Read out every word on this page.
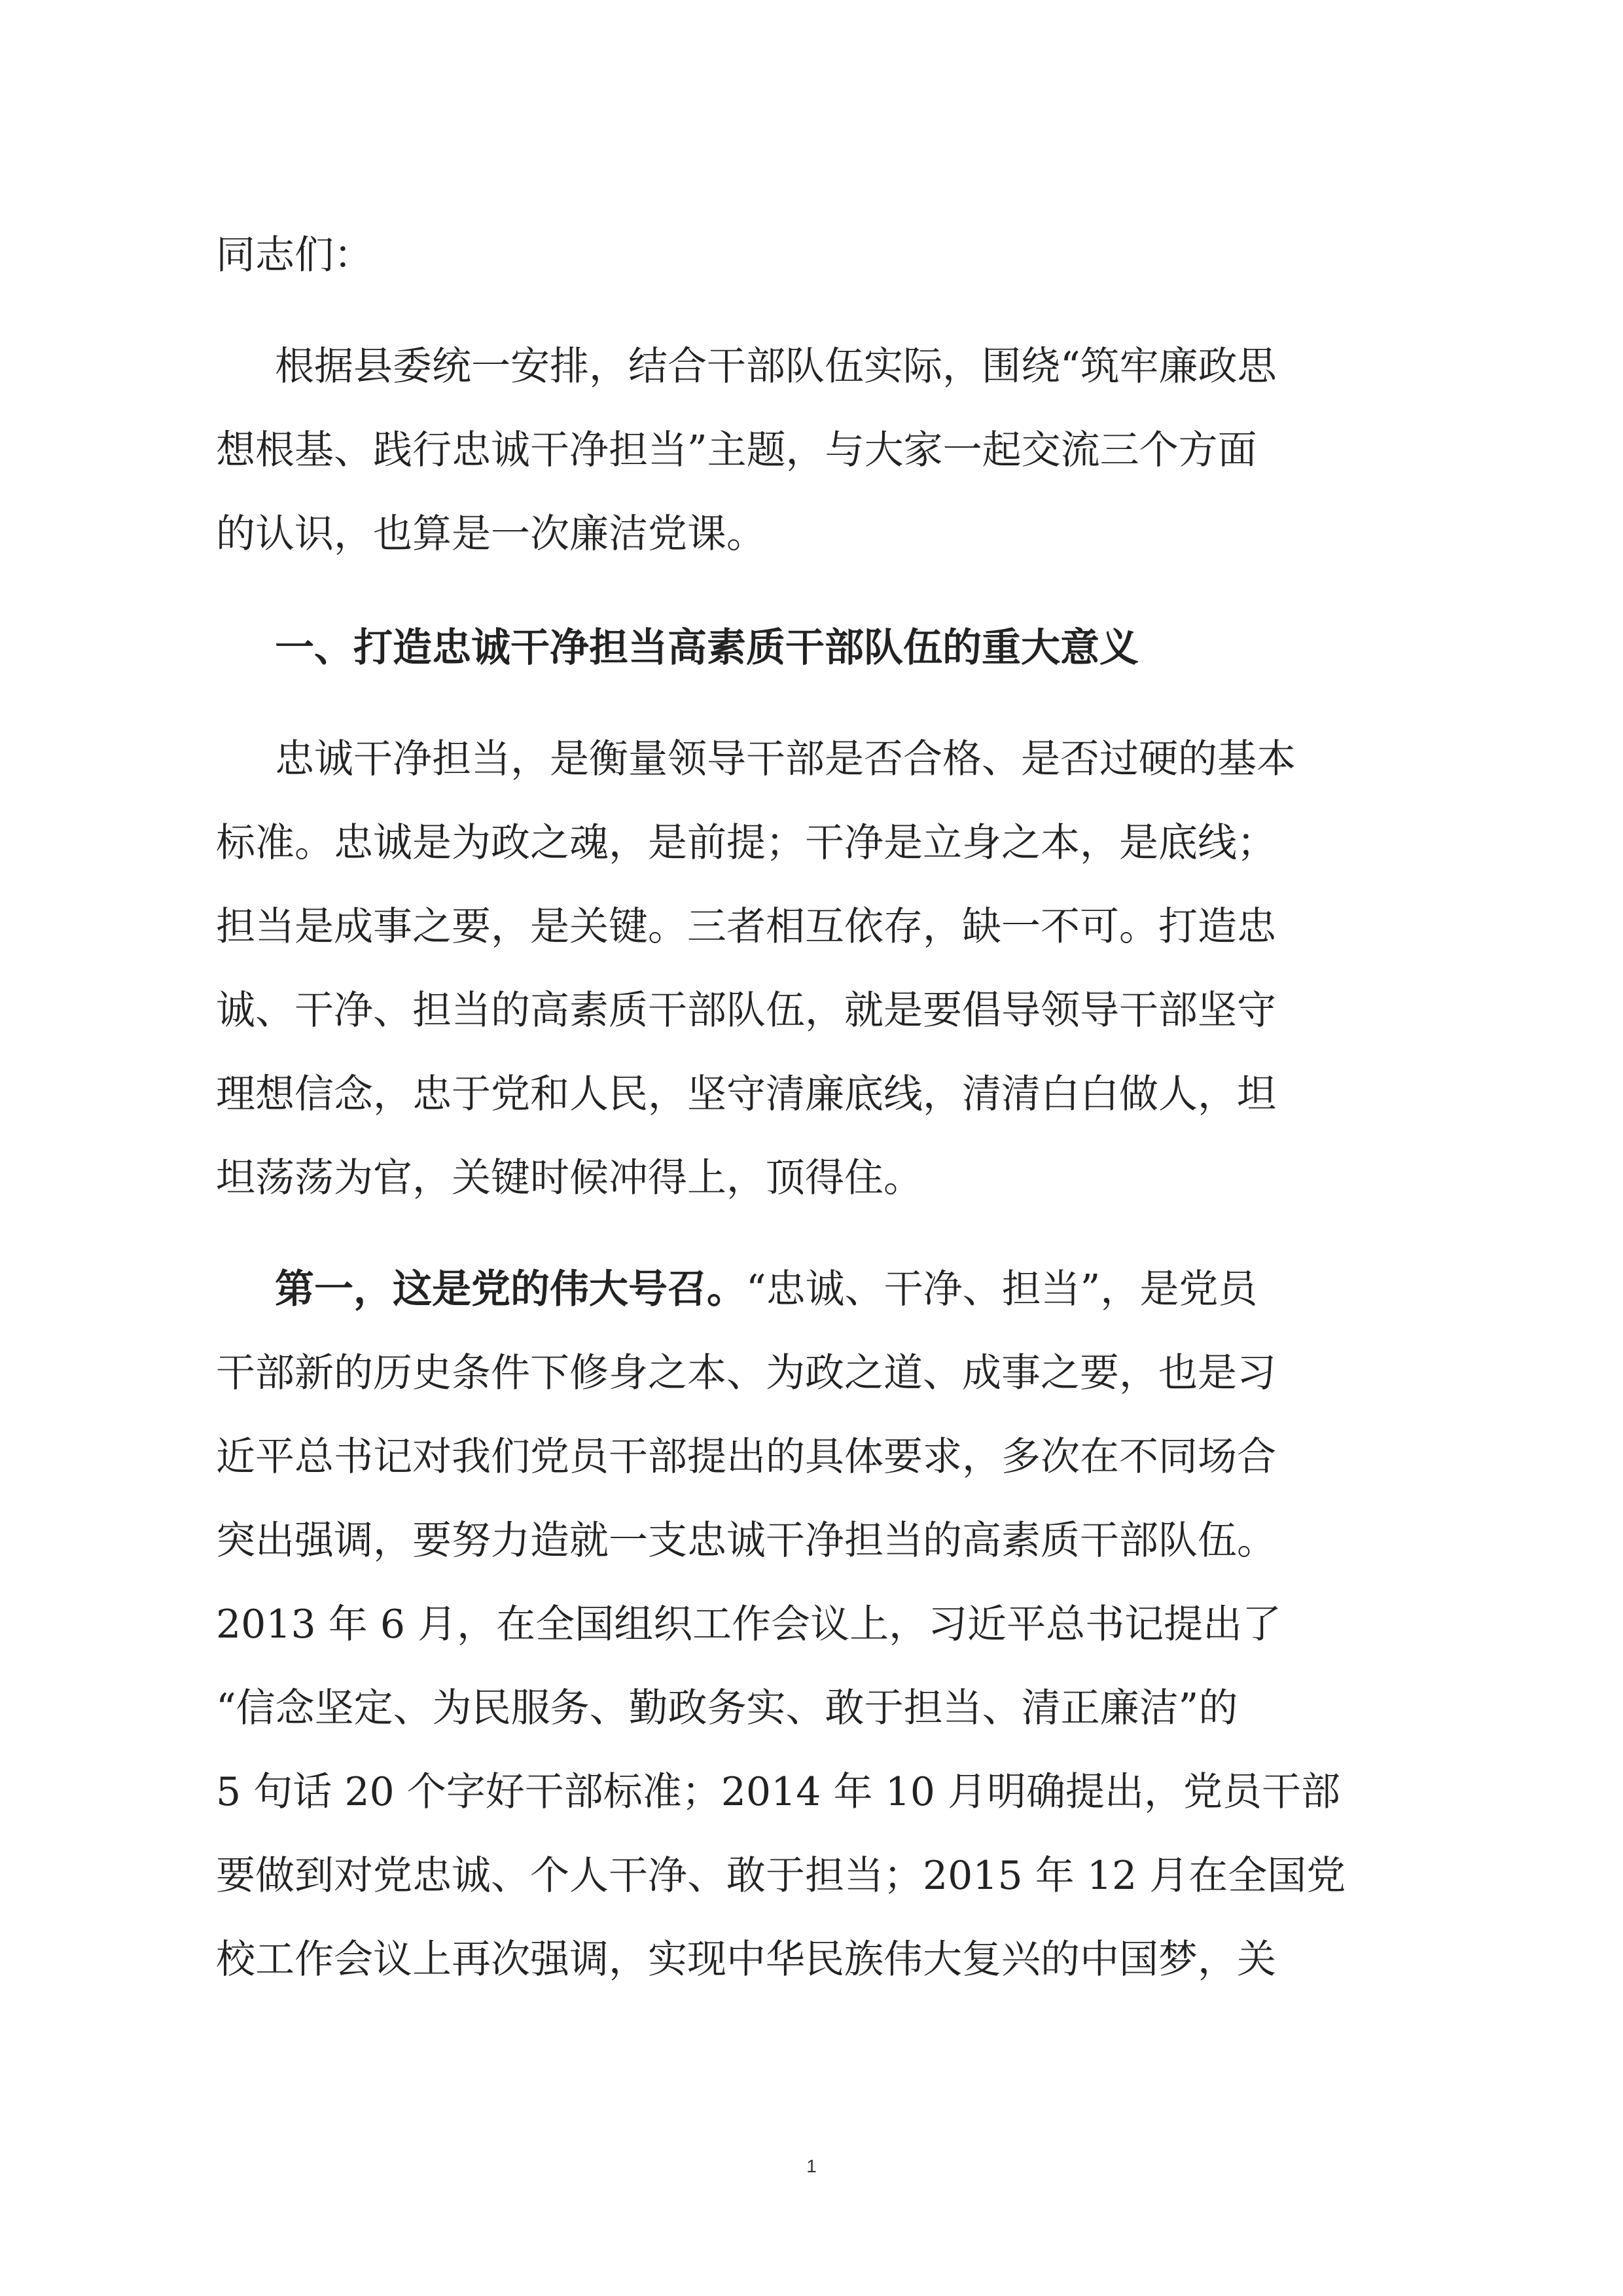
同志们：
根据县委统一安排，结合干部队伍实际，围绕“筑牢廉政思
想根基、践行忠诚干净担当”主题，与大家一起交流三个方面
的认识，也算是一次廉洁党课。
一、打造忠诚干净担当高素质干部队伍的重大意义
忠诚干净担当，是衡量领导干部是否合格、是否过硬的基本
标准。忠诚是为政之魂，是前提；干净是立身之本，是底线；
担当是成事之要，是关键。三者相互依存，缺一不可。打造忠
诚、干净、担当的高素质干部队伍，就是要倡导领导干部坚守
理想信念，忠于党和人民，坚守清廉底线，清清白白做人，坦
坦荡荡为官，关键时候冲得上，顶得住。
第一，这是党的伟大号召。“忠诚、干净、担当”，是党员
干部新的历史条件下修身之本、为政之道、成事之要，也是习
近平总书记对我们党员干部提出的具体要求，多次在不同场合
突出强调，要努力造就一支忠诚干净担当的高素质干部队伍。
2013 年 6 月，在全国组织工作会议上，习近平总书记提出了
“信念坚定、为民服务、勤政务实、敢于担当、清正廉洁”的
5 句话 20 个字好干部标准；2014 年 10 月明确提出，党员干部
要做到对党忠诚、个人干净、敢于担当；2015 年 12 月在全国党
校工作会议上再次强调，实现中华民族伟大复兴的中国梦，关
1
